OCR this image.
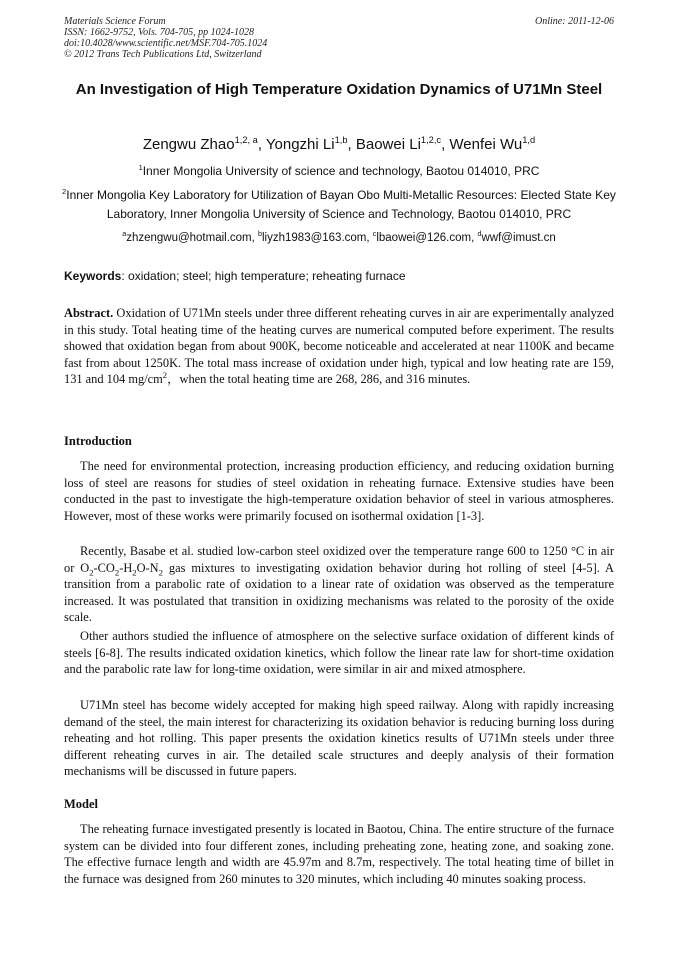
Materials Science Forum
ISSN: 1662-9752, Vols. 704-705, pp 1024-1028
doi:10.4028/www.scientific.net/MSF.704-705.1024
© 2012 Trans Tech Publications Ltd, Switzerland
Online: 2011-12-06
An Investigation of High Temperature Oxidation Dynamics of U71Mn Steel
Zengwu Zhao$^{1,2, a}$, Yongzhi Li$^{1,b}$, Baowei Li$^{1,2,c}$, Wenfei Wu$^{1,d}$
$^1$Inner Mongolia University of science and technology, Baotou 014010, PRC
$^2$Inner Mongolia Key Laboratory for Utilization of Bayan Obo Multi-Metallic Resources: Elected State Key Laboratory, Inner Mongolia University of Science and Technology, Baotou 014010, PRC
$^a$zhzengwu@hotmail.com, $^b$liyzh1983@163.com, $^c$lbaowei@126.com, $^d$wwf@imust.cn
Keywords: oxidation; steel; high temperature; reheating furnace
Abstract. Oxidation of U71Mn steels under three different reheating curves in air are experimentally analyzed in this study. Total heating time of the heating curves are numerical computed before experiment. The results showed that oxidation began from about 900K, become noticeable and accelerated at near 1100K and became fast from about 1250K. The total mass increase of oxidation under high, typical and low heating rate are 159, 131 and 104 $mg/cm^2$，when the total heating time are 268, 286, and 316 minutes.
Introduction
The need for environmental protection, increasing production efficiency, and reducing oxidation burning loss of steel are reasons for studies of steel oxidation in reheating furnace. Extensive studies have been conducted in the past to investigate the high-temperature oxidation behavior of steel in various atmospheres. However, most of these works were primarily focused on isothermal oxidation [1-3].
Recently, Basabe et al. studied low-carbon steel oxidized over the temperature range 600 to 1250 °C in air or $O_2-CO_2-H_2O-N_2$ gas mixtures to investigating oxidation behavior during hot rolling of steel [4-5]. A transition from a parabolic rate of oxidation to a linear rate of oxidation was observed as the temperature increased. It was postulated that transition in oxidizing mechanisms was related to the porosity of the oxide scale.
Other authors studied the influence of atmosphere on the selective surface oxidation of different kinds of steels [6-8]. The results indicated oxidation kinetics, which follow the linear rate law for short-time oxidation and the parabolic rate law for long-time oxidation, were similar in air and mixed atmosphere.
U71Mn steel has become widely accepted for making high speed railway. Along with rapidly increasing demand of the steel, the main interest for characterizing its oxidation behavior is reducing burning loss during reheating and hot rolling. This paper presents the oxidation kinetics results of U71Mn steels under three different reheating curves in air. The detailed scale structures and deeply analysis of their formation mechanisms will be discussed in future papers.
Model
The reheating furnace investigated presently is located in Baotou, China. The entire structure of the furnace system can be divided into four different zones, including preheating zone, heating zone, and soaking zone. The effective furnace length and width are 45.97m and 8.7m, respectively. The total heating time of billet in the furnace was designed from 260 minutes to 320 minutes, which including 40 minutes soaking process.
